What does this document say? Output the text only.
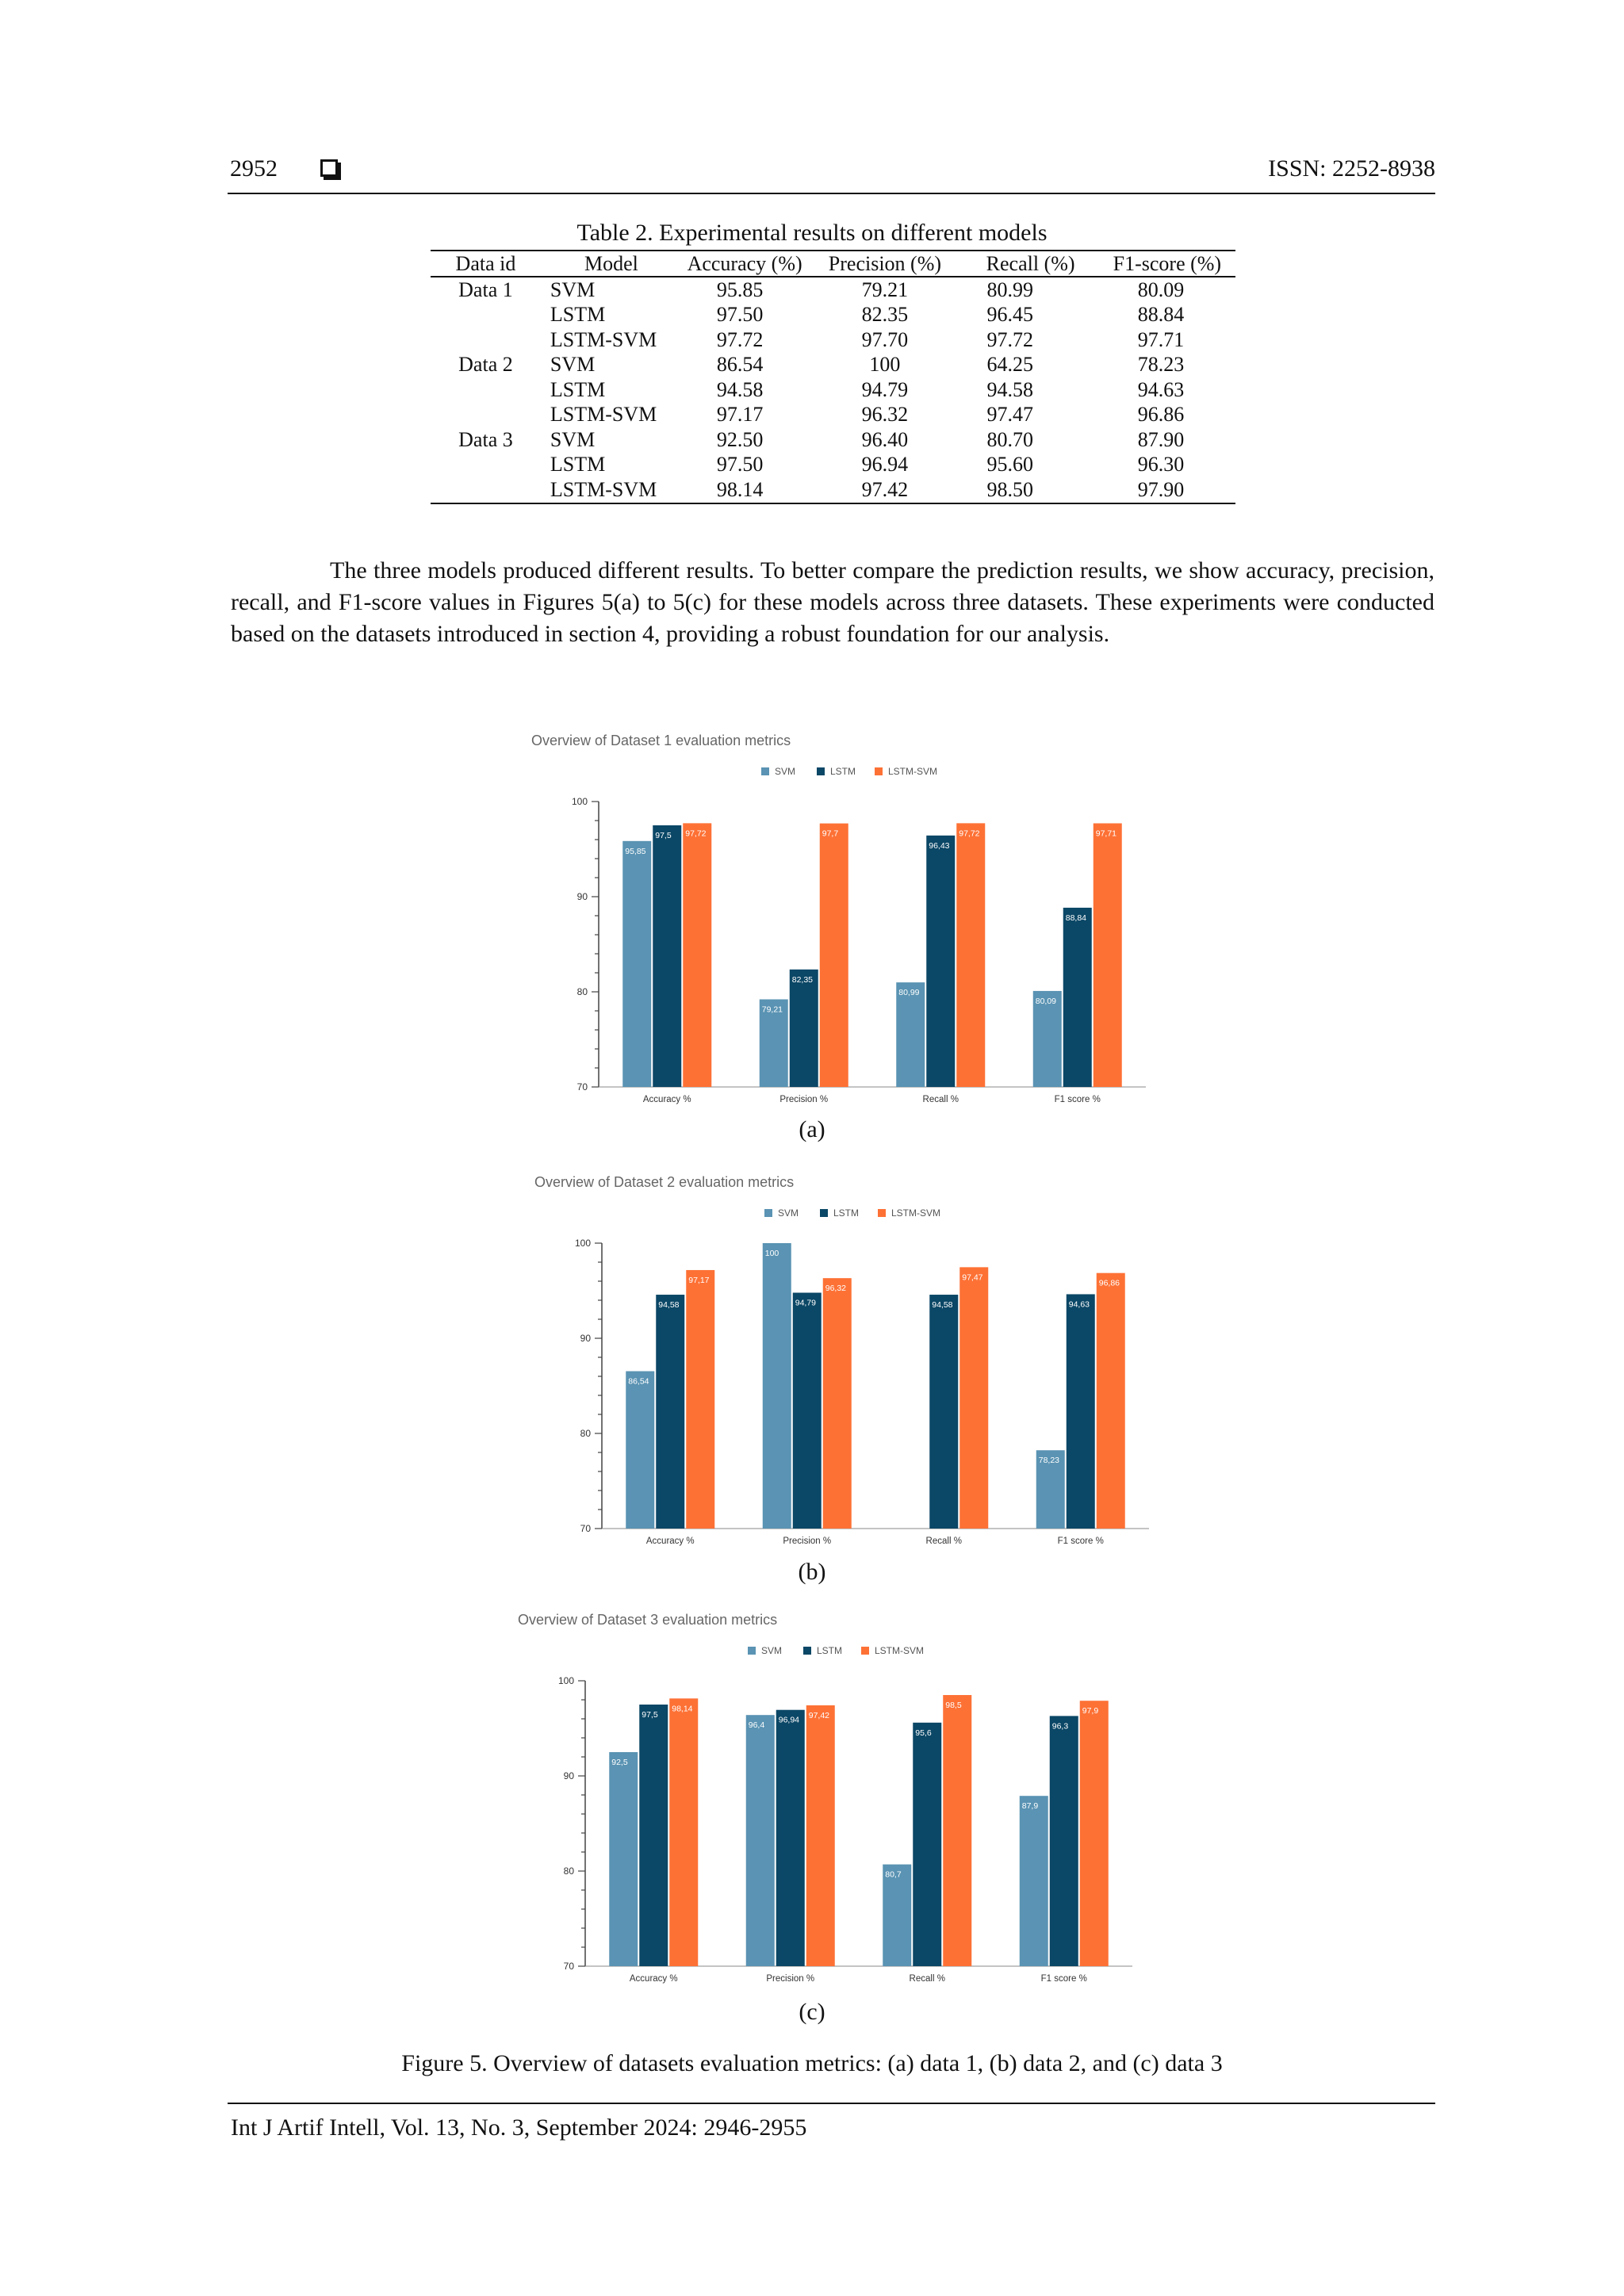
2952	ISSN: 2252-8938
Table 2. Experimental results on different models
Data id	Model	Accuracy (%)	Precision (%)	Recall (%)	F1-score (%)
Data 1	SVM	95.85	79.21	80.99	80.09
	LSTM	97.50	82.35	96.45	88.84
	LSTM-SVM	97.72	97.70	97.72	97.71
Data 2	SVM	86.54	100	64.25	78.23
	LSTM	94.58	94.79	94.58	94.63
	LSTM-SVM	97.17	96.32	97.47	96.86
Data 3	SVM	92.50	96.40	80.70	87.90
	LSTM	97.50	96.94	95.60	96.30
	LSTM-SVM	98.14	97.42	98.50	97.90
The three models produced different results. To better compare the prediction results, we show accuracy, precision, recall, and F1-score values in Figures 5(a) to 5(c) for these models across three datasets. These experiments were conducted based on the datasets introduced in section 4, providing a robust foundation for our analysis.
Overview of Dataset 1 evaluation metrics
SVM	LSTM	LSTM-SVM
70
80
90
100
95,85
97,5 97,72
Accuracy %
79,21
82,35
97,7
Precision %
80,99
96,43
97,72
Recall %
80,09
88,84
97,71
F1 score %
(a)
Overview of Dataset 2 evaluation metrics
SVM	LSTM	LSTM-SVM
70
80
90
100
86,54
94,58
97,17
Accuracy %
100
94,79
96,32
Precision %
94,58
97,47
Recall %
78,23
94,63
96,86
F1 score %
(b)
Overview of Dataset 3 evaluation metrics
SVM	LSTM	LSTM-SVM
70
80
90
100
92,5
97,5
98,14
Accuracy %
96,4
96,94 97,42
Precision %
80,7
95,6
98,5
Recall %
87,9
96,3
97,9
F1 score %
(c)
Figure 5. Overview of datasets evaluation metrics: (a) data 1, (b) data 2, and (c) data 3
Int J Artif Intell, Vol. 13, No. 3, September 2024: 2946-2955
